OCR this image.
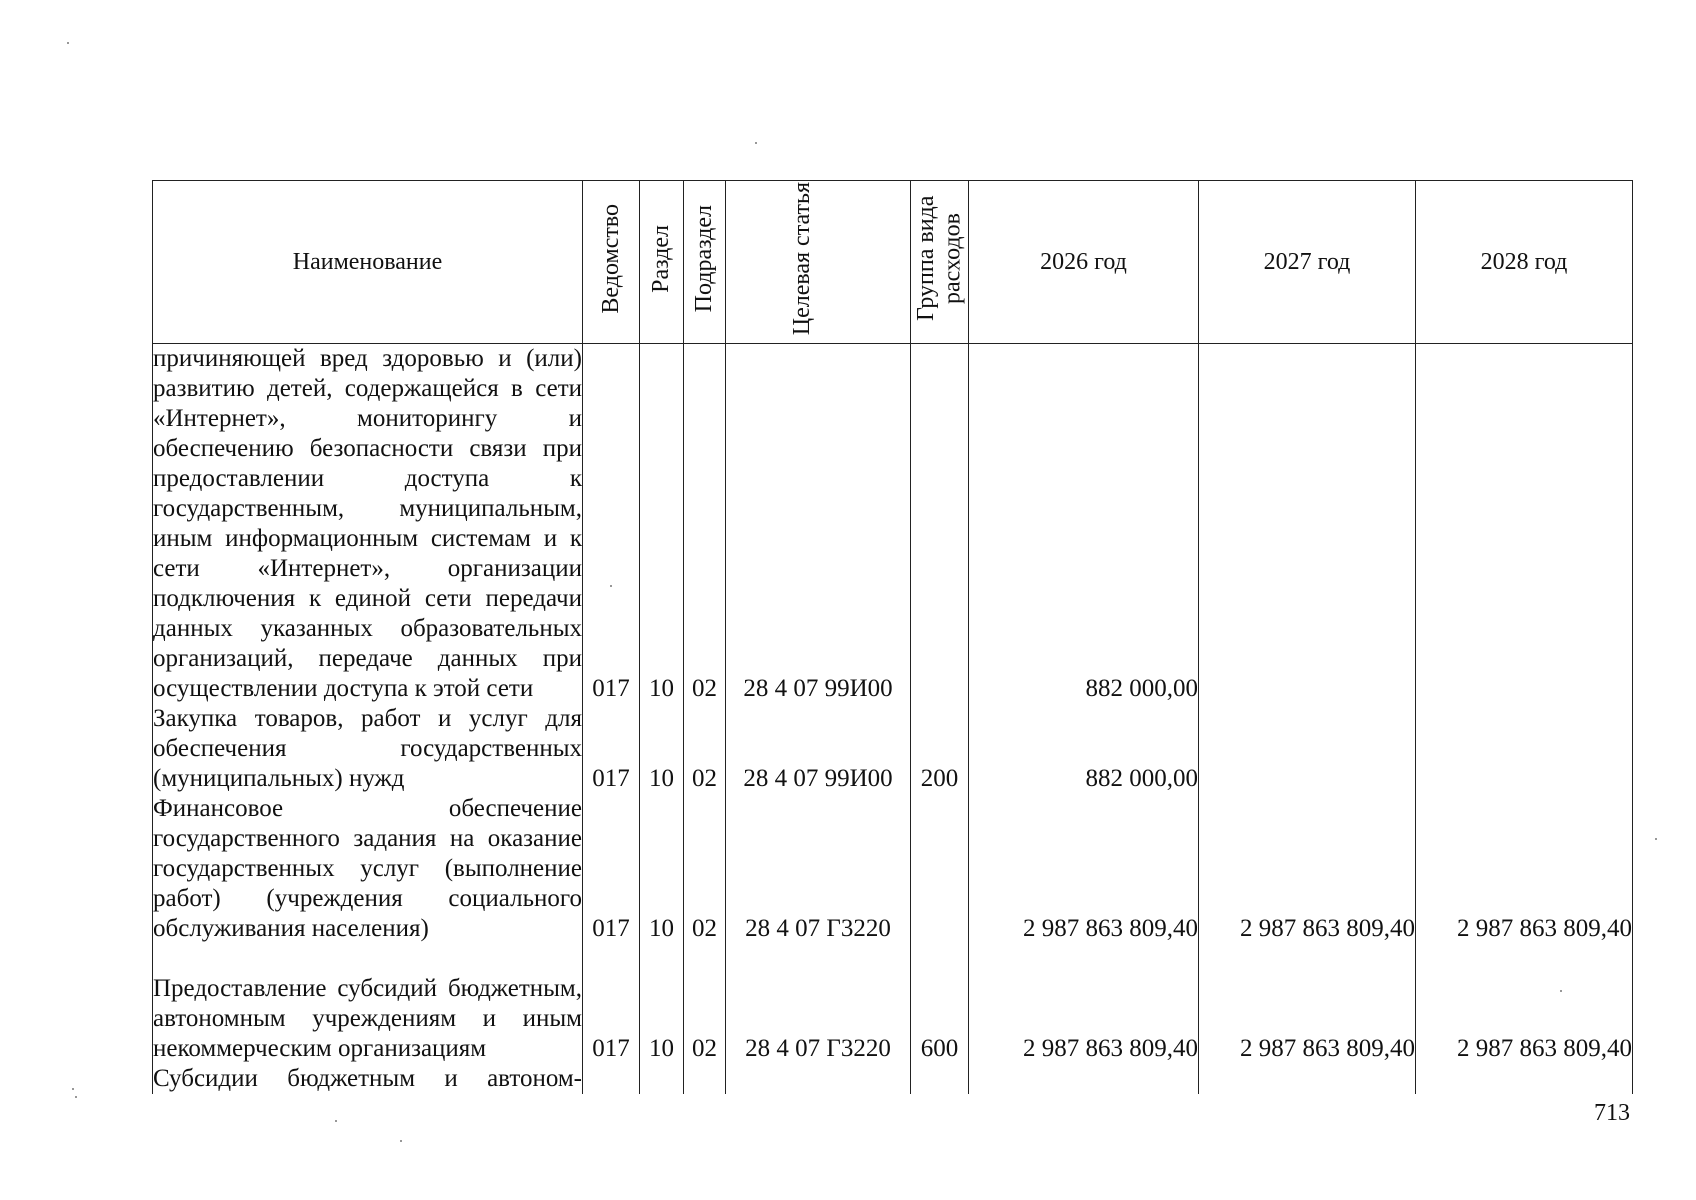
Наименование	Ведомство	Раздел	Подраздел	Целевая статья	Группа вида расходов	2026 год	2027 год	2028 год
причиняющей вред здоровью и (или) развитию детей, содержащейся в сети «Интернет», мониторингу и обеспечению безопасности связи при предоставлении доступа к государственным, муниципальным, иным информационным системам и к сети «Интернет», организации подключения к единой сети передачи данных указанных образовательных организаций, передаче данных при осуществлении доступа к этой сети	017	10	02	28 4 07 99И00		882 000,00		
Закупка товаров, работ и услуг для обеспечения государственных (муниципальных) нужд	017	10	02	28 4 07 99И00	200	882 000,00		
Финансовое обеспечение государственного задания на оказание государственных услуг (выполнение работ) (учреждения социального обслуживания населения)	017	10	02	28 4 07 Г3220		2 987 863 809,40	2 987 863 809,40	2 987 863 809,40
Предоставление субсидий бюджетным, автономным учреждениям и иным некоммерческим организациям	017	10	02	28 4 07 Г3220	600	2 987 863 809,40	2 987 863 809,40	2 987 863 809,40
Субсидии бюджетным и автоном-								
713
